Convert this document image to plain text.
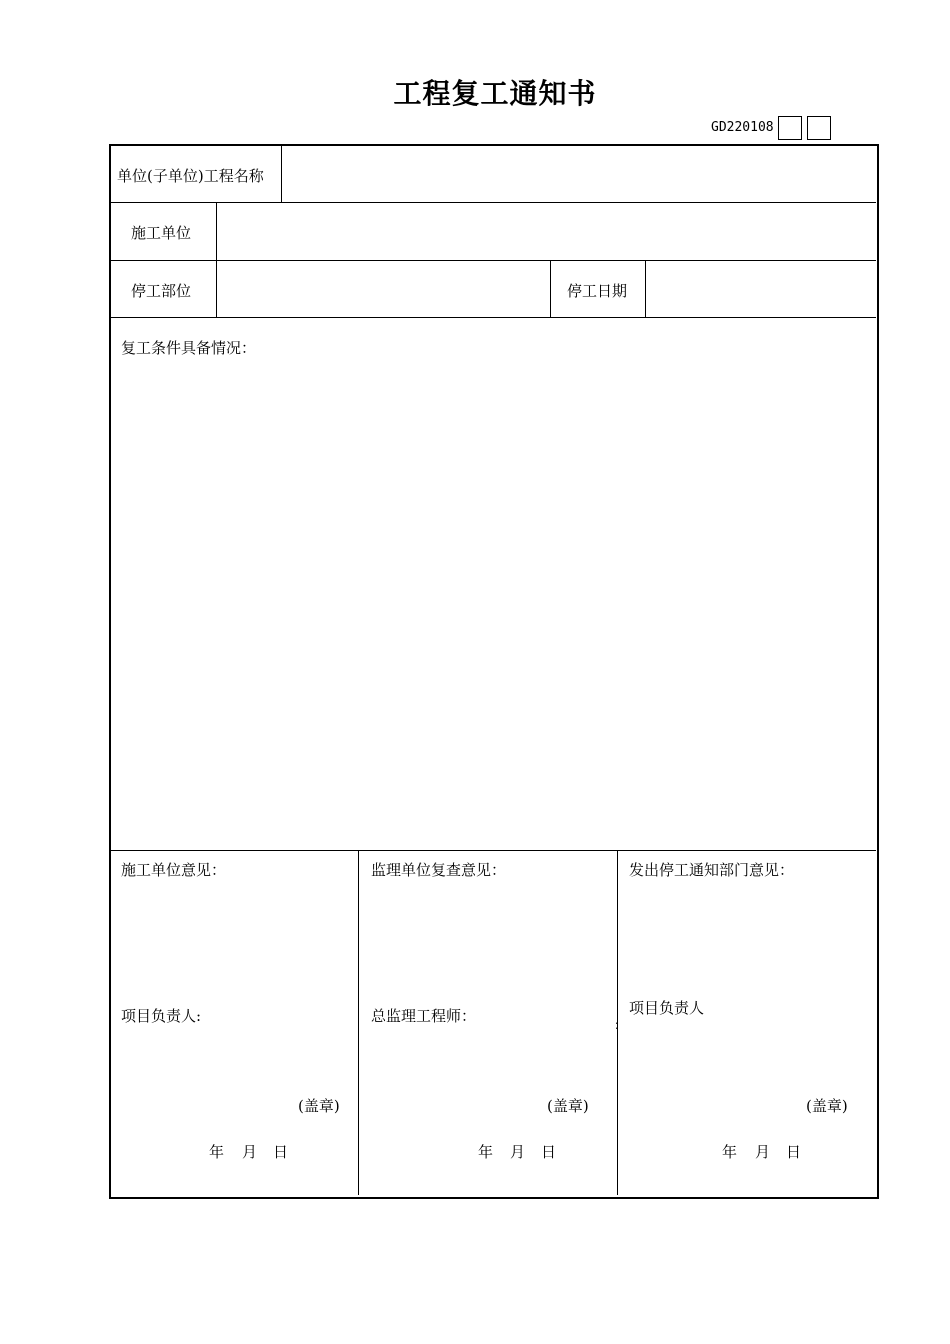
工程复工通知书
GD220108
单位(子单位)工程名称
施工单位
停工部位	停工日期
复工条件具备情况：
施工单位意见：
项目负责人:
(盖章)
年 月 日
监理单位复查意见：
总监理工程师：
(盖章)
年 月 日
发出停工通知部门意见：
项目负责人
：
(盖章)
年 月 日
